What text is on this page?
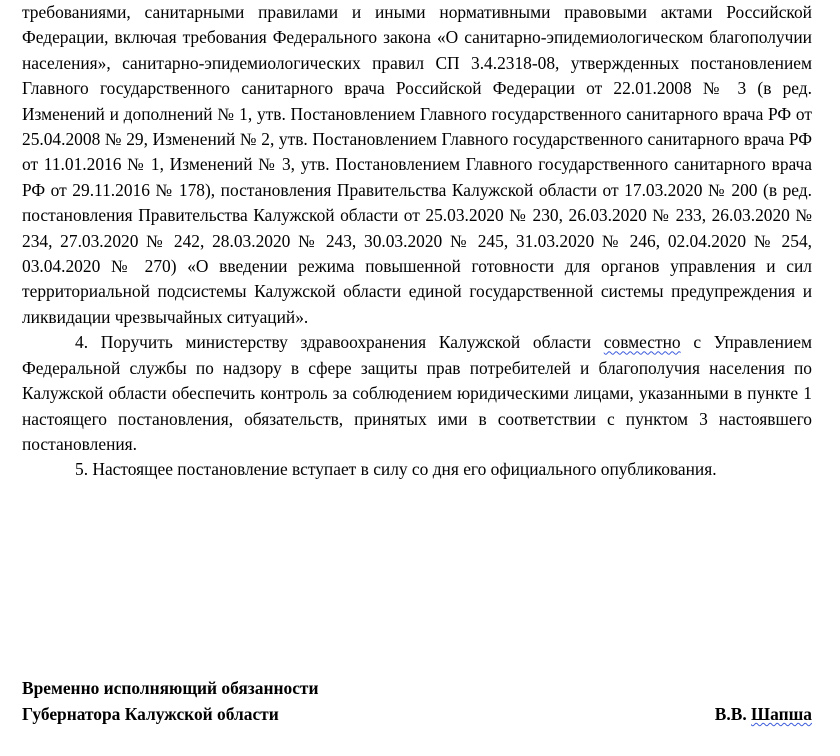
требованиями, санитарными правилами и иными нормативными правовыми актами Российской Федерации, включая требования Федерального закона «О санитарно-эпидемиологическом благополучии населения», санитарно-эпидемиологических правил СП 3.4.2318-08, утвержденных постановлением Главного государственного санитарного врача Российской Федерации от 22.01.2008 № 3 (в ред. Изменений и дополнений № 1, утв. Постановлением Главного государственного санитарного врача РФ от 25.04.2008 № 29, Изменений № 2, утв. Постановлением Главного государственного санитарного врача РФ от 11.01.2016 № 1, Изменений № 3, утв. Постановлением Главного государственного санитарного врача РФ от 29.11.2016 № 178), постановления Правительства Калужской области от 17.03.2020 № 200 (в ред. постановления Правительства Калужской области от 25.03.2020 № 230, 26.03.2020 № 233, 26.03.2020 № 234, 27.03.2020 № 242, 28.03.2020 № 243, 30.03.2020 № 245, 31.03.2020 № 246, 02.04.2020 № 254, 03.04.2020 № 270) «О введении режима повышенной готовности для органов управления и сил территориальной подсистемы Калужской области единой государственной системы предупреждения и ликвидации чрезвычайных ситуаций».

4. Поручить министерству здравоохранения Калужской области совместно с Управлением Федеральной службы по надзору в сфере защиты прав потребителей и благополучия населения по Калужской области обеспечить контроль за соблюдением юридическими лицами, указанными в пункте 1 настоящего постановления, обязательств, принятых ими в соответствии с пунктом 3 настоявшего постановления.

5. Настоящее постановление вступает в силу со дня его официального опубликования.

Временно исполняющий обязанности

Губернатора Калужской области	В.В. Шапша
